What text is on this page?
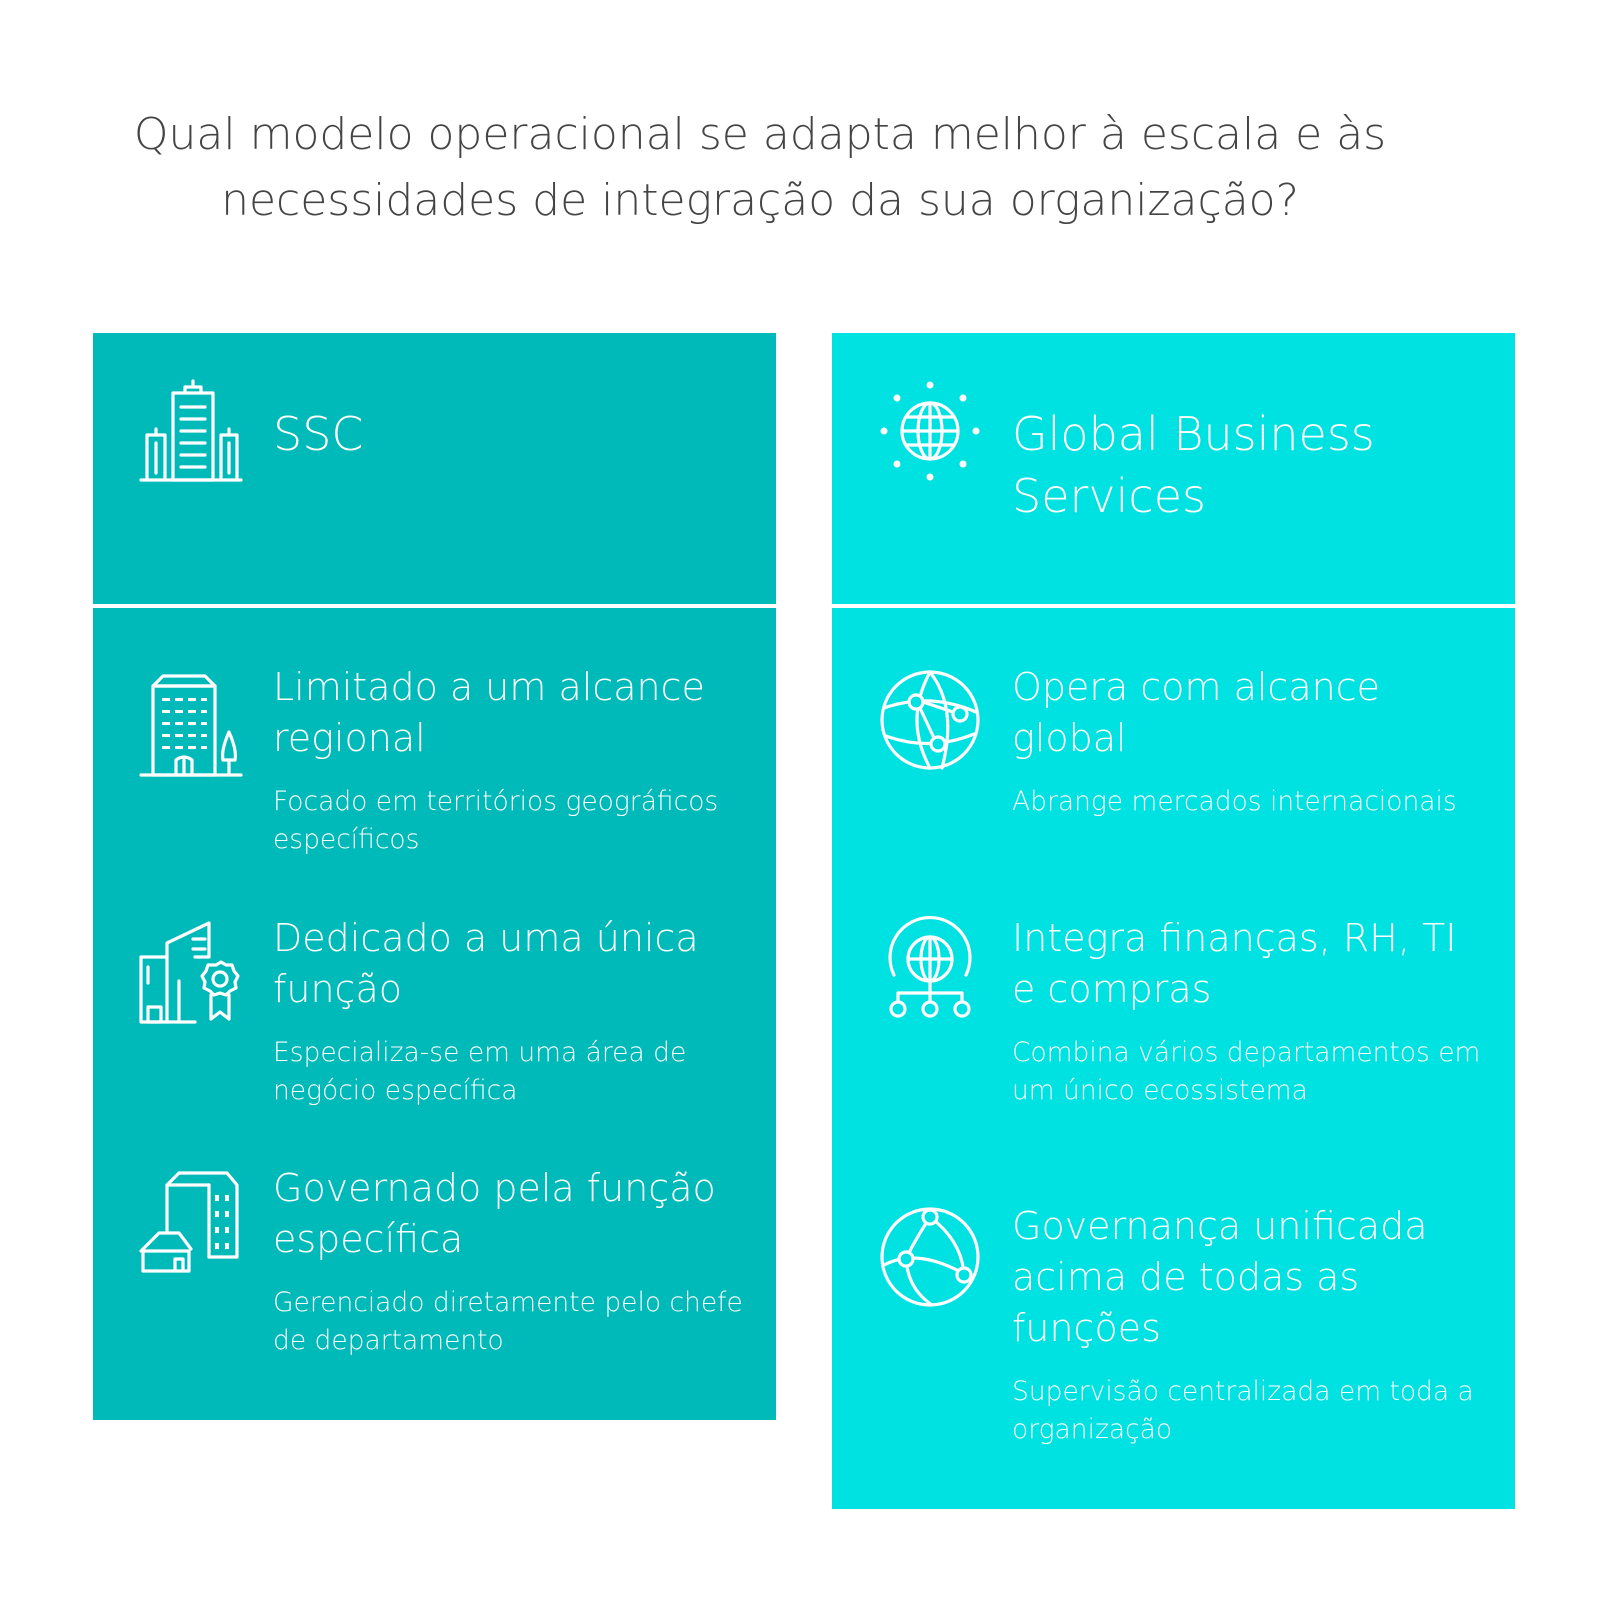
Qual modelo operacional se adapta melhor à escala e às
necessidades de integração da sua organização?
SSC
Limitado a um alcance regional
Focado em territórios geográficos específicos
Dedicado a uma única função
Especializa-se em uma área de negócio específica
Governado pela função específica
Gerenciado diretamente pelo chefe de departamento
Global Business Services
Opera com alcance global
Abrange mercados internacionais
Integra finanças, RH, TI e compras
Combina vários departamentos em um único ecossistema
Governança unificada acima de todas as funções
Supervisão centralizada em toda a organização
